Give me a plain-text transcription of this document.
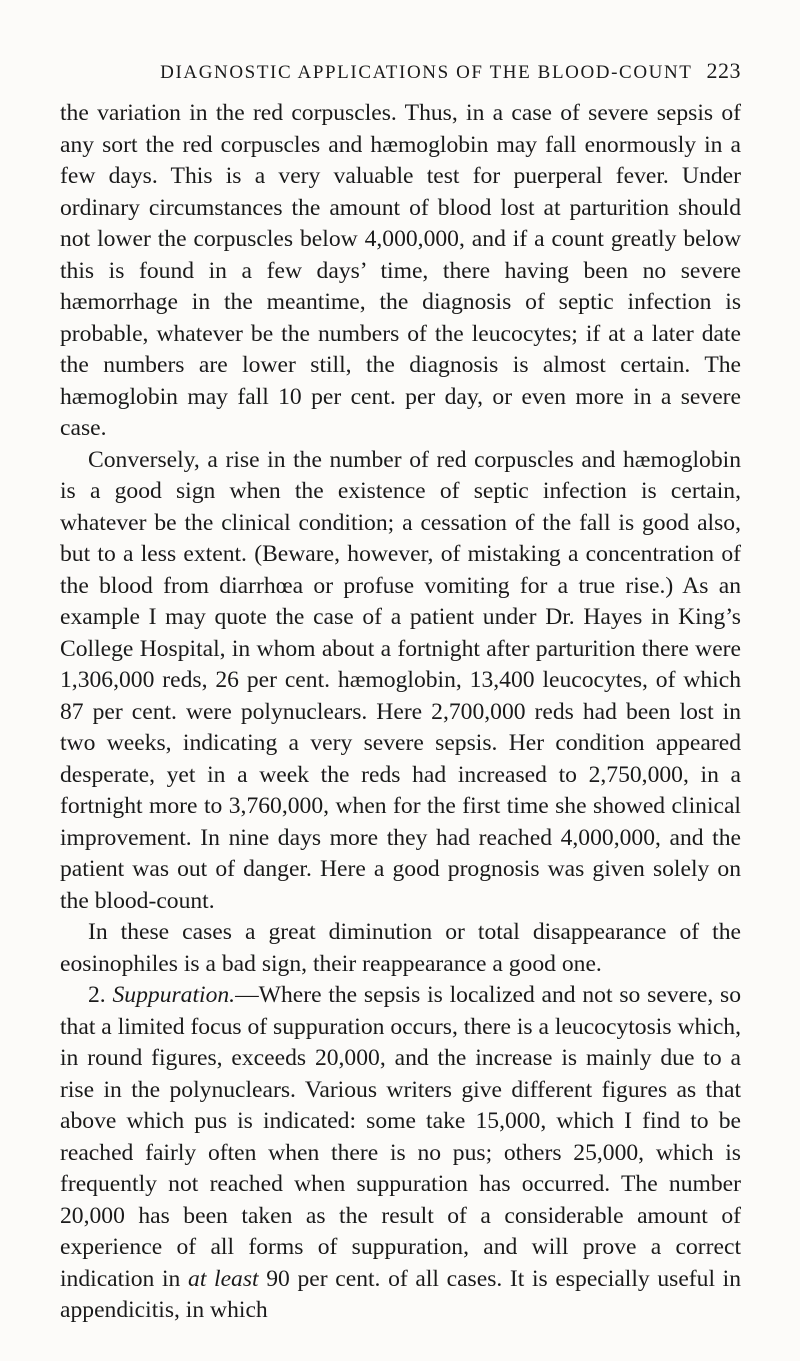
DIAGNOSTIC APPLICATIONS OF THE BLOOD-COUNT 223

the variation in the red corpuscles. Thus, in a case of severe sepsis of any sort the red corpuscles and hæmoglobin may fall enormously in a few days. This is a very valuable test for puerperal fever. Under ordinary circumstances the amount of blood lost at parturition should not lower the corpuscles below 4,000,000, and if a count greatly below this is found in a few days’ time, there having been no severe hæmorrhage in the meantime, the diagnosis of septic infection is probable, whatever be the numbers of the leucocytes; if at a later date the numbers are lower still, the diagnosis is almost certain. The hæmoglobin may fall 10 per cent. per day, or even more in a severe case.

Conversely, a rise in the number of red corpuscles and hæmoglobin is a good sign when the existence of septic infection is certain, whatever be the clinical condition; a cessation of the fall is good also, but to a less extent. (Beware, however, of mistaking a concentration of the blood from diarrhœa or profuse vomiting for a true rise.) As an example I may quote the case of a patient under Dr. Hayes in King’s College Hospital, in whom about a fortnight after parturition there were 1,306,000 reds, 26 per cent. hæmoglobin, 13,400 leucocytes, of which 87 per cent. were polynuclears. Here 2,700,000 reds had been lost in two weeks, indicating a very severe sepsis. Her condition appeared desperate, yet in a week the reds had increased to 2,750,000, in a fortnight more to 3,760,000, when for the first time she showed clinical improvement. In nine days more they had reached 4,000,000, and the patient was out of danger. Here a good prognosis was given solely on the blood-count.

In these cases a great diminution or total disappearance of the eosinophiles is a bad sign, their reappearance a good one.

2. Suppuration.—Where the sepsis is localized and not so severe, so that a limited focus of suppuration occurs, there is a leucocytosis which, in round figures, exceeds 20,000, and the increase is mainly due to a rise in the polynuclears. Various writers give different figures as that above which pus is indicated: some take 15,000, which I find to be reached fairly often when there is no pus; others 25,000, which is frequently not reached when suppuration has occurred. The number 20,000 has been taken as the result of a considerable amount of experience of all forms of suppuration, and will prove a correct indication in at least 90 per cent. of all cases. It is especially useful in appendicitis, in which
